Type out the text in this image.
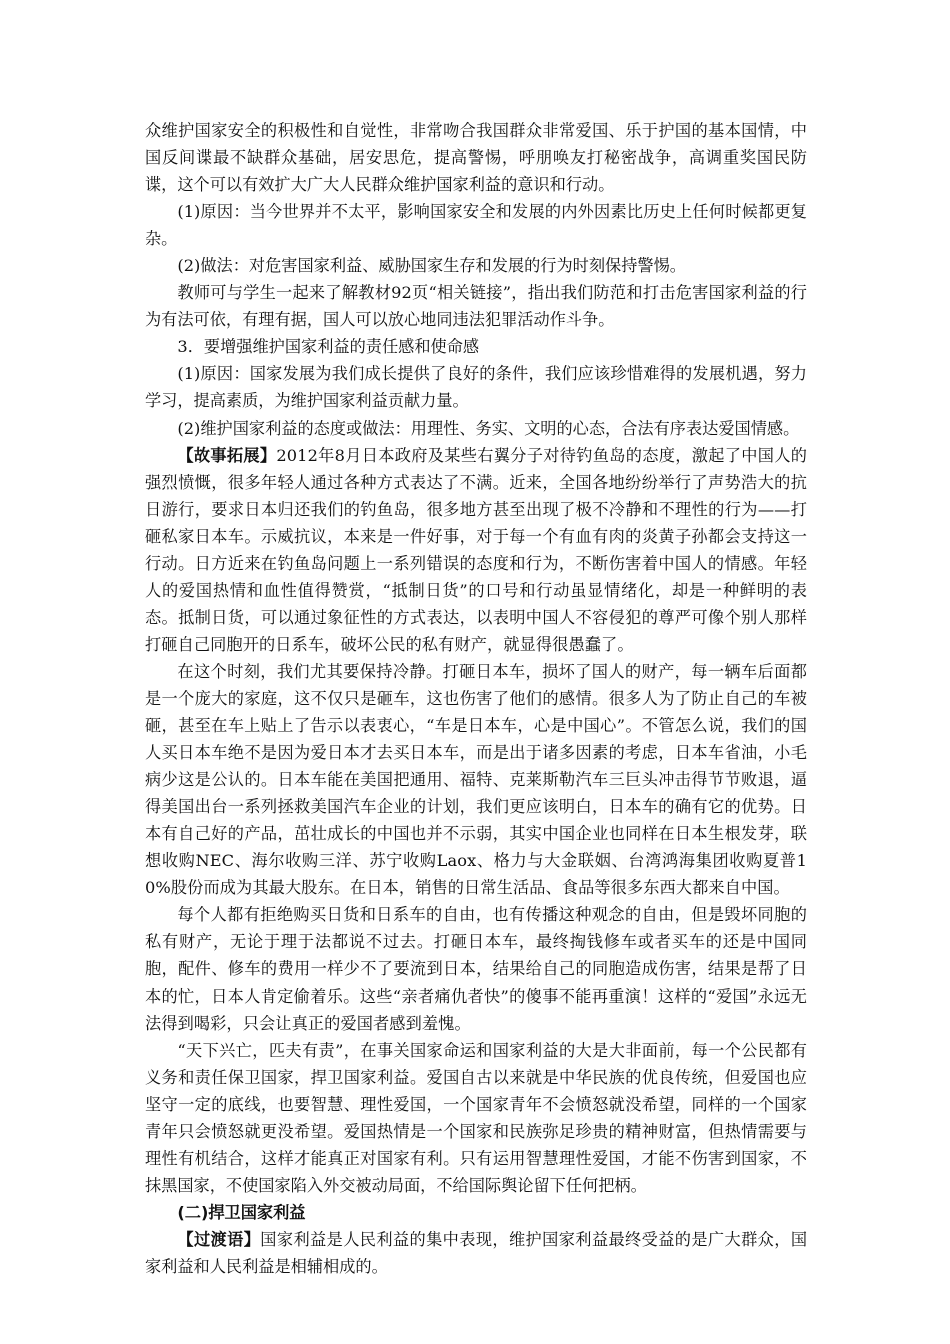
众维护国家安全的积极性和自觉性，非常吻合我国群众非常爱国、乐于护国的基本国情，中国反间谍最不缺群众基础，居安思危，提高警惕，呼朋唤友打秘密战争，高调重奖国民防谍，这个可以有效扩大广大人民群众维护国家利益的意识和行动。

(1)原因：当今世界并不太平，影响国家安全和发展的内外因素比历史上任何时候都更复杂。

(2)做法：对危害国家利益、威胁国家生存和发展的行为时刻保持警惕。

教师可与学生一起来了解教材92页“相关链接”，指出我们防范和打击危害国家利益的行为有法可依，有理有据，国人可以放心地同违法犯罪活动作斗争。

3．要增强维护国家利益的责任感和使命感

(1)原因：国家发展为我们成长提供了良好的条件，我们应该珍惜难得的发展机遇，努力学习，提高素质，为维护国家利益贡献力量。

(2)维护国家利益的态度或做法：用理性、务实、文明的心态，合法有序表达爱国情感。

【故事拓展】2012年8月日本政府及某些右翼分子对待钓鱼岛的态度，激起了中国人的强烈愤慨，很多年轻人通过各种方式表达了不满。近来，全国各地纷纷举行了声势浩大的抗日游行，要求日本归还我们的钓鱼岛，很多地方甚至出现了极不冷静和不理性的行为——打砸私家日本车。示威抗议，本来是一件好事，对于每一个有血有肉的炎黄子孙都会支持这一行动。日方近来在钓鱼岛问题上一系列错误的态度和行为，不断伤害着中国人的情感。年轻人的爱国热情和血性值得赞赏，“抵制日货”的口号和行动虽显情绪化，却是一种鲜明的表态。抵制日货，可以通过象征性的方式表达，以表明中国人不容侵犯的尊严可像个别人那样打砸自己同胞开的日系车，破坏公民的私有财产，就显得很愚蠢了。

在这个时刻，我们尤其要保持冷静。打砸日本车，损坏了国人的财产，每一辆车后面都是一个庞大的家庭，这不仅只是砸车，这也伤害了他们的感情。很多人为了防止自己的车被砸，甚至在车上贴上了告示以表衷心，“车是日本车，心是中国心”。不管怎么说，我们的国人买日本车绝不是因为爱日本才去买日本车，而是出于诸多因素的考虑，日本车省油，小毛病少这是公认的。日本车能在美国把通用、福特、克莱斯勒汽车三巨头冲击得节节败退，逼得美国出台一系列拯救美国汽车企业的计划，我们更应该明白，日本车的确有它的优势。日本有自己好的产品，茁壮成长的中国也并不示弱，其实中国企业也同样在日本生根发芽，联想收购NEC、海尔收购三洋、苏宁收购Laox、格力与大金联姻、台湾鸿海集团收购夏普10%股份而成为其最大股东。在日本，销售的日常生活品、食品等很多东西大都来自中国。

每个人都有拒绝购买日货和日系车的自由，也有传播这种观念的自由，但是毁坏同胞的私有财产，无论于理于法都说不过去。打砸日本车，最终掏钱修车或者买车的还是中国同胞，配件、修车的费用一样少不了要流到日本，结果给自己的同胞造成伤害，结果是帮了日本的忙，日本人肯定偷着乐。这些“亲者痛仇者快”的傻事不能再重演！这样的“爱国”永远无法得到喝彩，只会让真正的爱国者感到羞愧。

“天下兴亡，匹夫有责”，在事关国家命运和国家利益的大是大非面前，每一个公民都有义务和责任保卫国家，捍卫国家利益。爱国自古以来就是中华民族的优良传统，但爱国也应坚守一定的底线，也要智慧、理性爱国，一个国家青年不会愤怒就没希望，同样的一个国家青年只会愤怒就更没希望。爱国热情是一个国家和民族弥足珍贵的精神财富，但热情需要与理性有机结合，这样才能真正对国家有利。只有运用智慧理性爱国，才能不伤害到国家，不抹黑国家，不使国家陷入外交被动局面，不给国际舆论留下任何把柄。

(二)捍卫国家利益

【过渡语】国家利益是人民利益的集中表现，维护国家利益最终受益的是广大群众，国家利益和人民利益是相辅相成的。
